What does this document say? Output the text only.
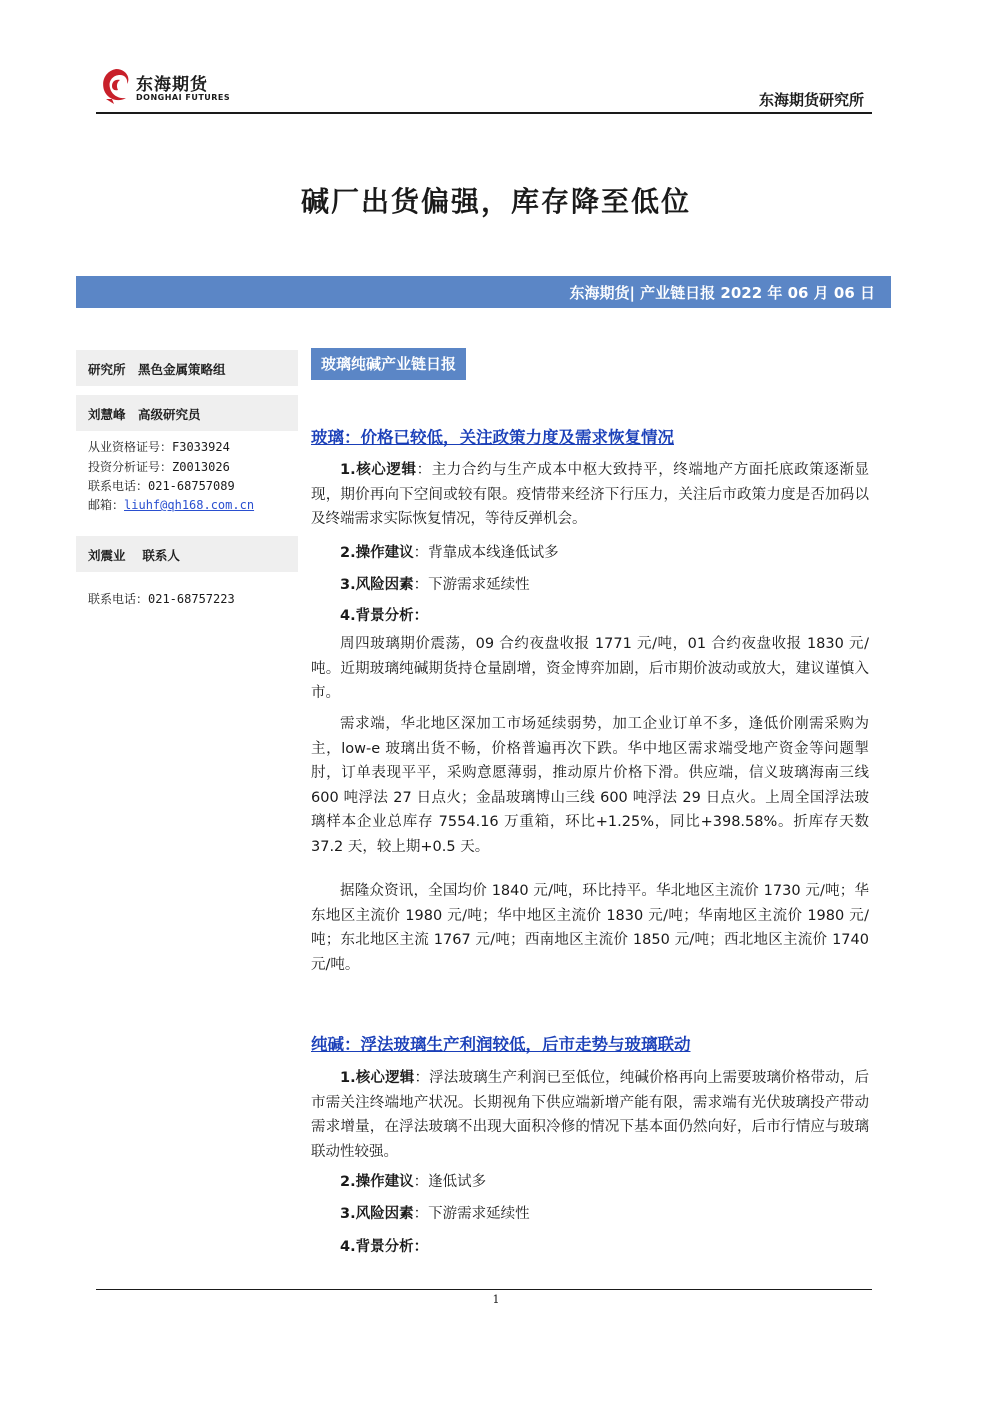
东海期货
DONGHAI FUTURES	东海期货研究所
碱厂出货偏强，库存降至低位
东海期货| 产业链日报 2022 年 06 月 06 日
研究所　黑色金属策略组
刘慧峰　高级研究员
从业资格证号：F3033924
投资分析证号：Z0013026
联系电话：021-68757089
邮箱：liuhf@qh168.com.cn
刘震业　 联系人
联系电话：021-68757223
玻璃纯碱产业链日报
玻璃：价格已较低，关注政策力度及需求恢复情况
1.核心逻辑：主力合约与生产成本中枢大致持平，终端地产方面托底政策逐渐显现，期价再向下空间或较有限。疫情带来经济下行压力，关注后市政策力度是否加码以及终端需求实际恢复情况，等待反弹机会。
2.操作建议：背靠成本线逢低试多
3.风险因素：下游需求延续性
4.背景分析：
周四玻璃期价震荡，09 合约夜盘收报 1771 元/吨，01 合约夜盘收报 1830 元/吨。近期玻璃纯碱期货持仓量剧增，资金博弈加剧，后市期价波动或放大，建议谨慎入市。
需求端，华北地区深加工市场延续弱势，加工企业订单不多，逢低价刚需采购为主，low-e 玻璃出货不畅，价格普遍再次下跌。华中地区需求端受地产资金等问题掣肘，订单表现平平，采购意愿薄弱，推动原片价格下滑。供应端，信义玻璃海南三线 600 吨浮法 27 日点火；金晶玻璃博山三线 600 吨浮法 29 日点火。上周全国浮法玻璃样本企业总库存 7554.16 万重箱，环比+1.25%，同比+398.58%。折库存天数 37.2 天，较上期+0.5 天。
据隆众资讯，全国均价 1840 元/吨，环比持平。华北地区主流价 1730 元/吨；华东地区主流价 1980 元/吨；华中地区主流价 1830 元/吨；华南地区主流价 1980 元/吨；东北地区主流 1767 元/吨；西南地区主流价 1850 元/吨；西北地区主流价 1740 元/吨。
纯碱：浮法玻璃生产利润较低，后市走势与玻璃联动
1.核心逻辑：浮法玻璃生产利润已至低位，纯碱价格再向上需要玻璃价格带动，后市需关注终端地产状况。长期视角下供应端新增产能有限，需求端有光伏玻璃投产带动需求增量，在浮法玻璃不出现大面积冷修的情况下基本面仍然向好，后市行情应与玻璃联动性较强。
2.操作建议：逢低试多
3.风险因素：下游需求延续性
4.背景分析：
1
